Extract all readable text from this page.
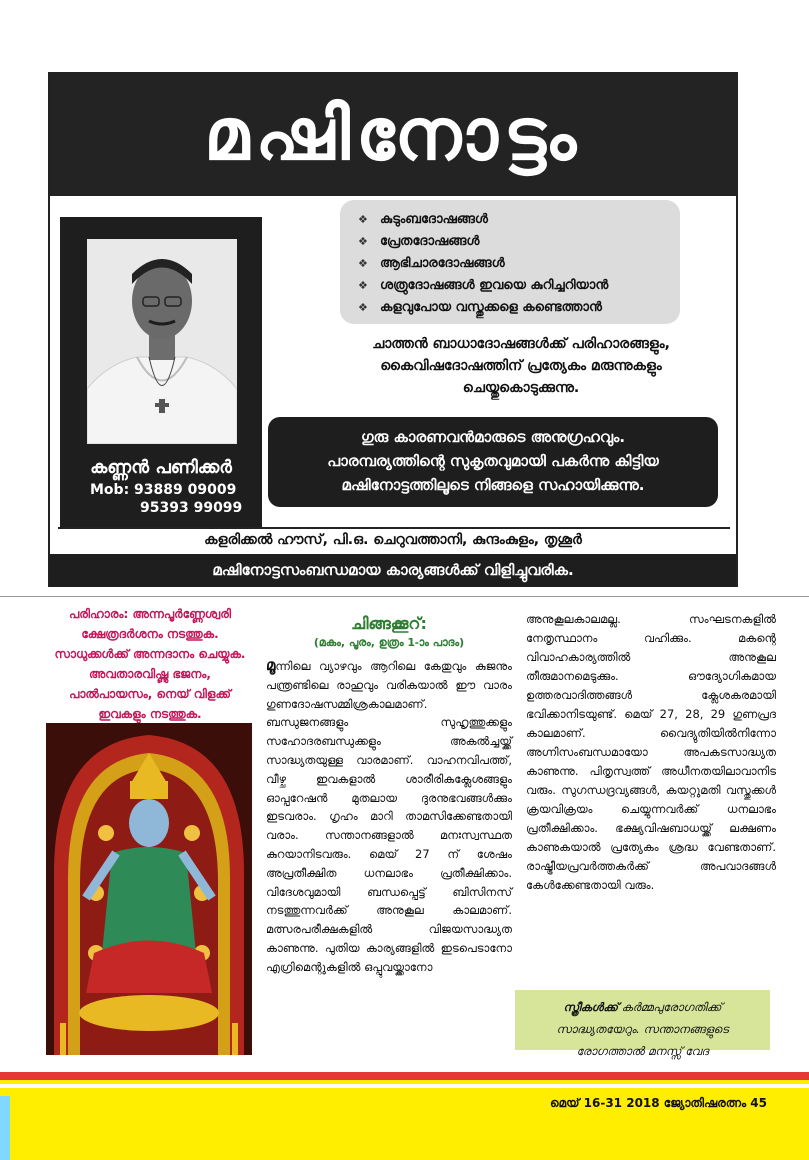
മഷിനോട്ടം
കണ്ണൻ പണിക്കർ
Mob: 93889 09009
95393 99099
❖ കുടുംബദോഷങ്ങൾ
❖ പ്രേതദോഷങ്ങൾ
❖ ആഭിചാരദോഷങ്ങൾ
❖ ശത്രുദോഷങ്ങൾ ഇവയെ കുറിച്ചറിയാൻ
❖ കളവുപോയ വസ്തുക്കളെ കണ്ടെത്താൻ
ചാത്തൻ ബാധാദോഷങ്ങൾക്ക് പരിഹാരങ്ങളും,
കൈവിഷദോഷത്തിന് പ്രത്യേകം മരുന്നുകളും
ചെയ്തുകൊടുക്കുന്നു.
ഗുരു കാരണവൻമാരുടെ അനുഗ്രഹവും.
പാരമ്പര്യത്തിന്റെ സുകൃതവുമായി പകർന്നു കിട്ടിയ
മഷിനോട്ടത്തിലൂടെ നിങ്ങളെ സഹായിക്കുന്നു.
കളരിക്കൽ ഹൗസ്, പി.ഒ. ചെറുവത്താനി, കുന്ദംകുളം, തൃശൂർ
മഷിനോട്ടസംബന്ധമായ കാര്യങ്ങൾക്ക് വിളിച്ചുവരിക.
പരിഹാരം: അന്നപൂർണ്ണേശ്വരി ക്ഷേത്രദർശനം നടത്തുക. സാധുക്കൾക്ക് അന്നദാനം ചെയ്യുക. അവതാരവിഷ്ണു ഭജനം, പാൽപായസം, നെയ് വിളക്ക് ഇവകളും നടത്തുക.
ചിങ്ങക്കൂറ്:
(മകം, പൂരം, ഉത്രം 1-ാം പാദം)
മൂന്നിലെ വ്യാഴവും ആറിലെ കേതുവും കുജനും പന്ത്രണ്ടിലെ രാഹുവും വരികയാൽ ഈ വാരം ഗുണദോഷസമ്മിശ്രകാലമാണ്. ബന്ധുജനങ്ങളും സുഹൃത്തുക്കളും സഹോദരബന്ധുക്കളും അകൽച്ചയ്ക്ക് സാദ്ധ്യതയുള്ള വാരമാണ്. വാഹനവിപത്ത്, വീഴ്ച ഇവകളാൽ ശാരീരികക്ലേശങ്ങളും ഓപ്പറേഷൻ മുതലായ ദുരനുഭവങ്ങൾക്കും ഇടവരാം. ഗൃഹം മാറി താമസിക്കേണ്ടതായി വരാം. സന്താനങ്ങളാൽ മനഃസ്വസ്ഥത കുറയാനിടവരും. മെയ് 27 ന് ശേഷം അപ്രതീക്ഷിത ധനലാഭം പ്രതീക്ഷിക്കാം. വിദേശവുമായി ബന്ധപ്പെട്ട് ബിസിനസ് നടത്തുന്നവർക്ക് അനുകൂല കാലമാണ്. മത്സരപരീക്ഷകളിൽ വിജയസാദ്ധ്യത കാണുന്നു. പുതിയ കാര്യങ്ങളിൽ ഇടപെടാനോ എഗ്രിമെന്റുകളിൽ ഒപ്പുവയ്ക്കാനോ
അനുകൂലകാലമല്ല. സംഘടനകളിൽ നേതൃസ്ഥാനം വഹിക്കും. മകന്റെ വിവാഹകാര്യത്തിൽ അനുകൂല തീരുമാനമെടുക്കും. ഔദ്യോഗികമായ ഉത്തരവാദിത്തങ്ങൾ ക്ലേശകരമായി ഭവിക്കാനിടയുണ്ട്. മെയ് 27, 28, 29 ഗുണപ്രദ കാലമാണ്. വൈദ്യുതിയിൽനിന്നോ അഗ്നിസംബന്ധമായോ അപകടസാദ്ധ്യത കാണുന്നു. പിതൃസ്വത്ത് അധീനതയിലാവാനിട വരും. സുഗന്ധദ്രവ്യങ്ങൾ, കയറ്റുമതി വസ്തുക്കൾ ക്രയവിക്രയം ചെയ്യുന്നവർക്ക് ധനലാഭം പ്രതീക്ഷിക്കാം. ഭക്ഷ്യവിഷബാധയ്ക്ക് ലക്ഷണം കാണുകയാൽ പ്രത്യേകം ശ്രദ്ധ വേണ്ടതാണ്. രാഷ്ട്രീയപ്രവർത്തകർക്ക് അപവാദങ്ങൾ കേൾക്കേണ്ടതായി വരും.
സ്ത്രീകൾക്ക് കർമ്മപുരോഗതിക്ക് സാദ്ധ്യതയേറും. സന്താനങ്ങളുടെ രോഗത്താൽ മനസ്സ് വേദ
മെയ് 16-31 2018 ജ്യോതിഷരത്നം 45
